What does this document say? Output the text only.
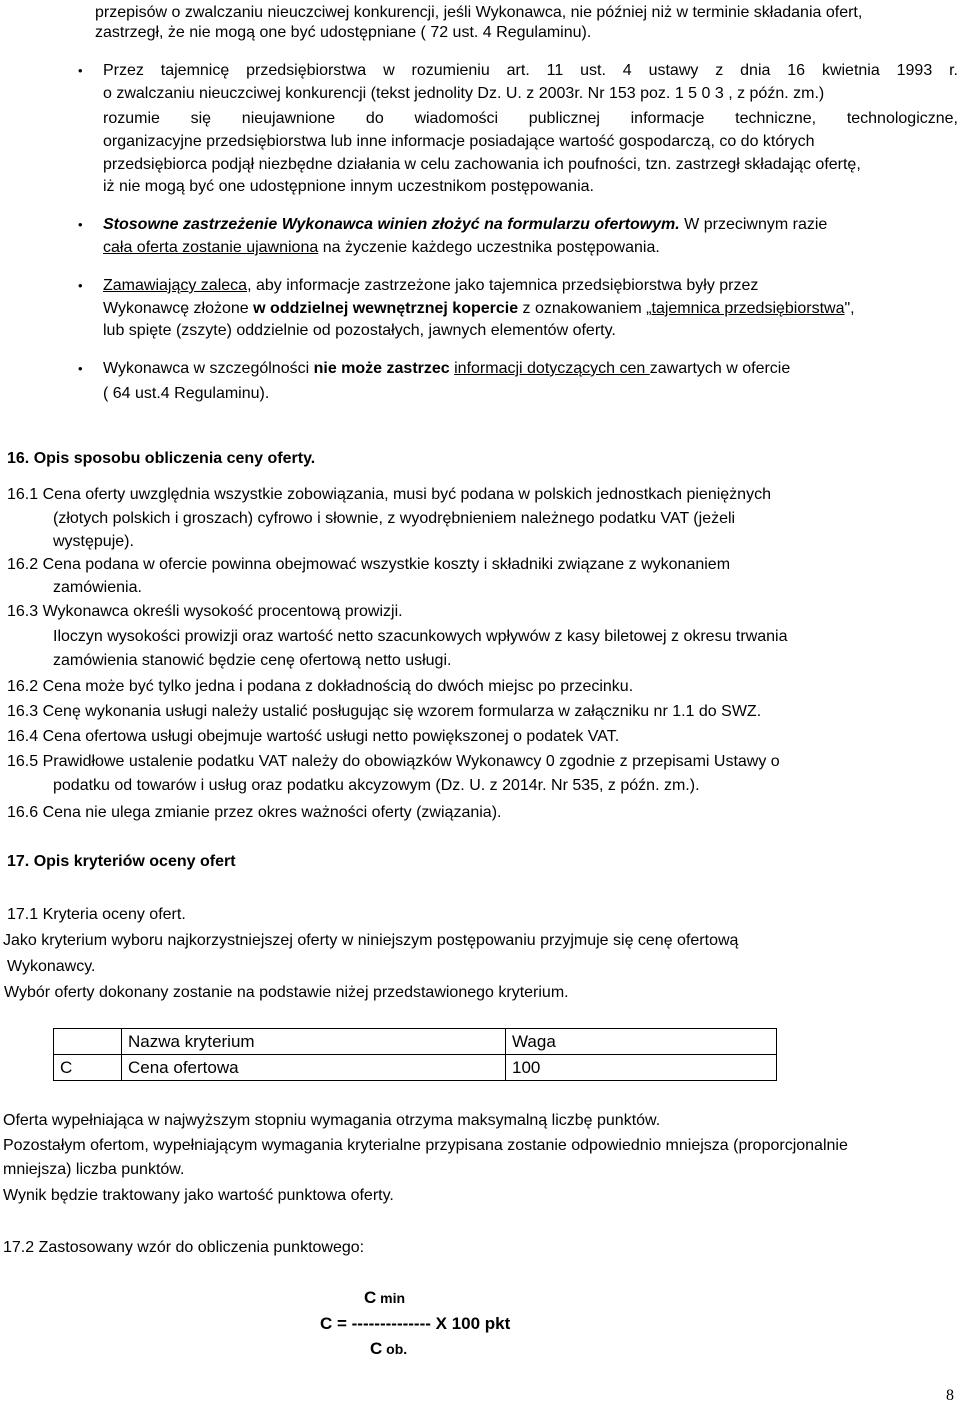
przepisów o zwalczaniu nieuczciwej konkurencji, jeśli Wykonawca, nie później niż w terminie składania ofert,
zastrzegł, że nie mogą one być udostępniane ( 72 ust. 4 Regulaminu).
• Przez tajemnicę przedsiębiorstwa w rozumieniu art. 11 ust. 4 ustawy z dnia 16 kwietnia 1993 r.
o zwalczaniu nieuczciwej konkurencji (tekst jednolity Dz. U. z 2003r. Nr 153 poz. 1 5 0 3 , z późn. zm.)
rozumie się nieujawnione do wiadomości publicznej informacje techniczne, technologiczne,
organizacyjne przedsiębiorstwa lub inne informacje posiadające wartość gospodarczą, co do których
przedsiębiorca podjął niezbędne działania w celu zachowania ich poufności, tzn. zastrzegł składając ofertę,
iż nie mogą być one udostępnione innym uczestnikom postępowania.
• Stosowne zastrzeżenie Wykonawca winien złożyć na formularzu ofertowym. W przeciwnym razie
cała oferta zostanie ujawniona na życzenie każdego uczestnika postępowania.
• Zamawiający zaleca, aby informacje zastrzeżone jako tajemnica przedsiębiorstwa były przez
Wykonawcę złożone w oddzielnej wewnętrznej kopercie z oznakowaniem „tajemnica przedsiębiorstwa",
lub spięte (zszyte) oddzielnie od pozostałych, jawnych elementów oferty.
• Wykonawca w szczególności nie może zastrzec informacji dotyczących cen zawartych w ofercie
( 64 ust.4 Regulaminu).
16. Opis sposobu obliczenia ceny oferty.
16.1 Cena oferty uwzględnia wszystkie zobowiązania, musi być podana w polskich jednostkach pieniężnych
(złotych polskich i groszach) cyfrowo i słownie, z wyodrębnieniem należnego podatku VAT (jeżeli
występuje).
16.2 Cena podana w ofercie powinna obejmować wszystkie koszty i składniki związane z wykonaniem
zamówienia.
16.3 Wykonawca określi wysokość procentową prowizji.
Iloczyn wysokości prowizji oraz wartość netto szacunkowych wpływów z kasy biletowej z okresu trwania
zamówienia stanowić będzie cenę ofertową netto usługi.
16.2 Cena może być tylko jedna i podana z dokładnością do dwóch miejsc po przecinku.
16.3 Cenę wykonania usługi należy ustalić posługując się wzorem formularza w załączniku nr 1.1 do SWZ.
16.4 Cena ofertowa usługi obejmuje wartość usługi netto powiększonej o podatek VAT.
16.5 Prawidłowe ustalenie podatku VAT należy do obowiązków Wykonawcy 0 zgodnie z przepisami Ustawy o
podatku od towarów i usług oraz podatku akcyzowym (Dz. U. z 2014r. Nr 535, z późn. zm.).
16.6 Cena nie ulega zmianie przez okres ważności oferty (związania).
17. Opis kryteriów oceny ofert
17.1 Kryteria oceny ofert.
Jako kryterium wyboru najkorzystniejszej oferty w niniejszym postępowaniu przyjmuje się cenę ofertową
Wykonawcy.
Wybór oferty dokonany zostanie na podstawie niżej przedstawionego kryterium.
	Nazwa kryterium	Waga
C	Cena ofertowa	100
Oferta wypełniająca w najwyższym stopniu wymagania otrzyma maksymalną liczbę punktów.
Pozostałym ofertom, wypełniającym wymagania kryterialne przypisana zostanie odpowiednio mniejsza (proporcjonalnie
mniejsza) liczba punktów.
Wynik będzie traktowany jako wartość punktowa oferty.
17.2 Zastosowany wzór do obliczenia punktowego:
C min
C = -------------- X 100 pkt
C ob.
8
